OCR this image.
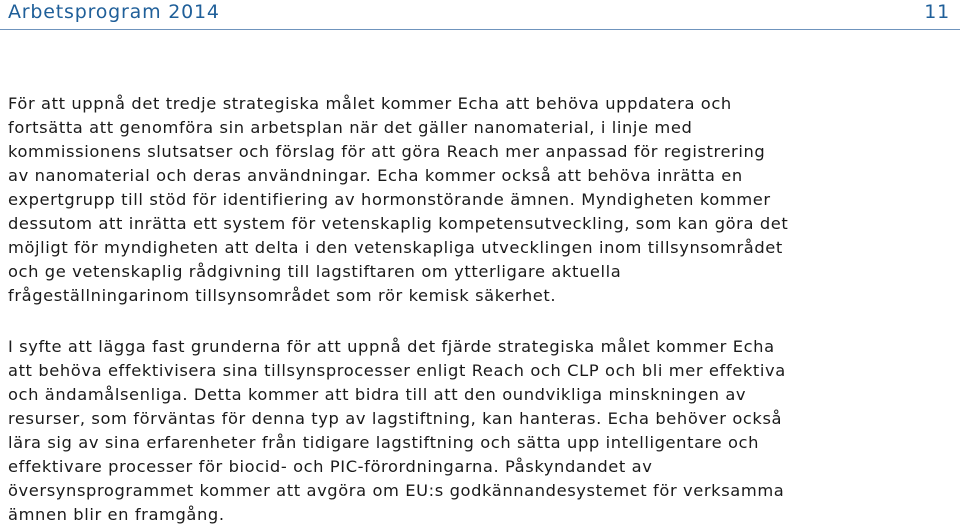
Arbetsprogram 2014	11

För att uppnå det tredje strategiska målet kommer Echa att behöva uppdatera och
fortsätta att genomföra sin arbetsplan när det gäller nanomaterial, i linje med
kommissionens slutsatser och förslag för att göra Reach mer anpassad för registrering
av nanomaterial och deras användningar. Echa kommer också att behöva inrätta en
expertgrupp till stöd för identifiering av hormonstörande ämnen. Myndigheten kommer
dessutom att inrätta ett system för vetenskaplig kompetensutveckling, som kan göra det
möjligt för myndigheten att delta i den vetenskapliga utvecklingen inom tillsynsområdet
och ge vetenskaplig rådgivning till lagstiftaren om ytterligare aktuella
frågeställningarinom tillsynsområdet som rör kemisk säkerhet.

I syfte att lägga fast grunderna för att uppnå det fjärde strategiska målet kommer Echa
att behöva effektivisera sina tillsynsprocesser enligt Reach och CLP och bli mer effektiva
och ändamålsenliga. Detta kommer att bidra till att den oundvikliga minskningen av
resurser, som förväntas för denna typ av lagstiftning, kan hanteras. Echa behöver också
lära sig av sina erfarenheter från tidigare lagstiftning och sätta upp intelligentare och
effektivare processer för biocid- och PIC-förordningarna. Påskyndandet av
översynsprogrammet kommer att avgöra om EU:s godkännandesystemet för verksamma
ämnen blir en framgång.
